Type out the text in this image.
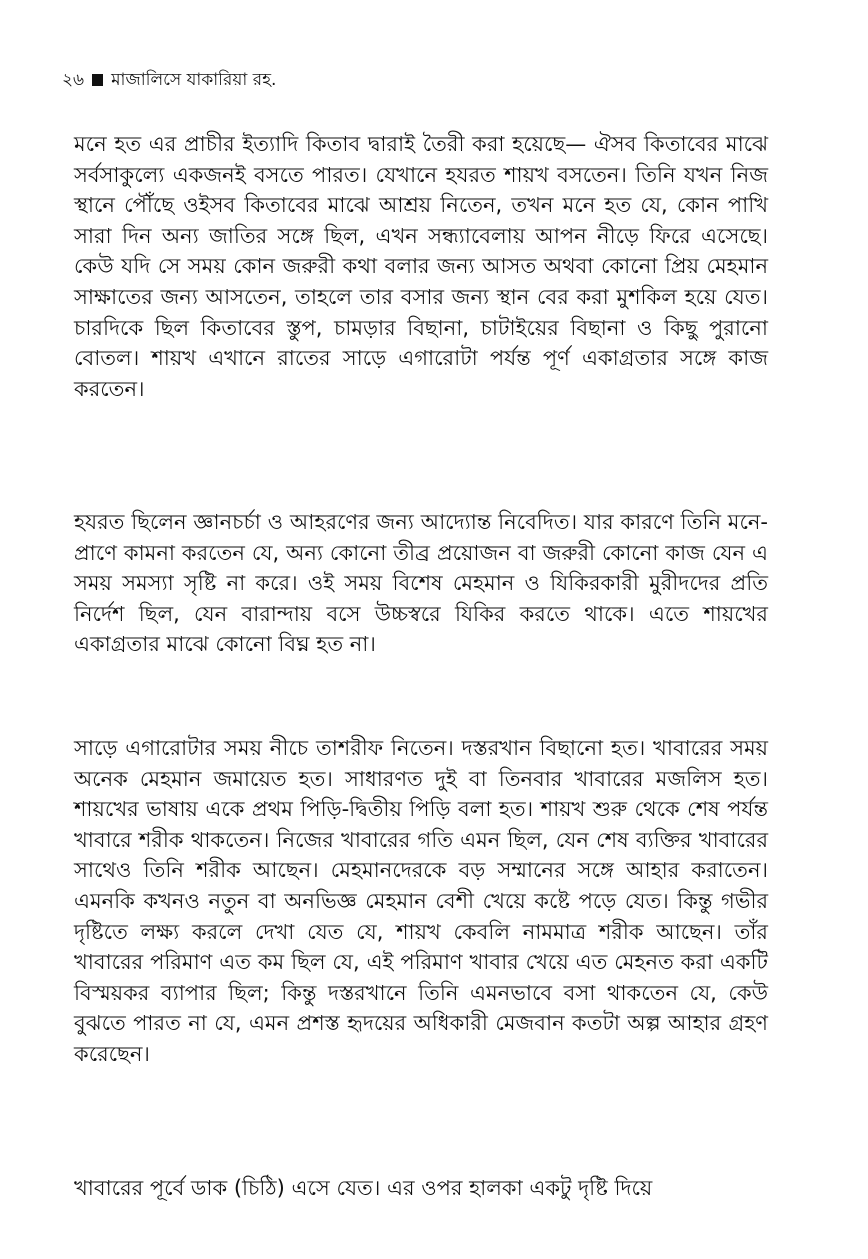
২৬ মাজালিসে যাকারিয়া রহ.

মনে হত এর প্রাচীর ইত্যাদি কিতাব দ্বারাই তৈরী করা হয়েছে— ঐসব কিতাবের মাঝে সর্বসাকুল্যে একজনই বসতে পারত। যেখানে হযরত শায়খ বসতেন। তিনি যখন নিজ স্থানে পৌঁছে ওইসব কিতাবের মাঝে আশ্রয় নিতেন, তখন মনে হত যে, কোন পাখি সারা দিন অন্য জাতির সঙ্গে ছিল, এখন সন্ধ্যাবেলায় আপন নীড়ে ফিরে এসেছে। কেউ যদি সে সময় কোন জরুরী কথা বলার জন্য আসত অথবা কোনো প্রিয় মেহমান সাক্ষাতের জন্য আসতেন, তাহলে তার বসার জন্য স্থান বের করা মুশকিল হয়ে যেত। চারদিকে ছিল কিতাবের স্তুপ, চামড়ার বিছানা, চাটাইয়ের বিছানা ও কিছু পুরানো বোতল। শায়খ এখানে রাতের সাড়ে এগারোটা পর্যন্ত পূর্ণ একাগ্রতার সঙ্গে কাজ করতেন।

হযরত ছিলেন জ্ঞানচর্চা ও আহরণের জন্য আদ্যোন্ত নিবেদিত। যার কারণে তিনি মনে-প্রাণে কামনা করতেন যে, অন্য কোনো তীব্র প্রয়োজন বা জরুরী কোনো কাজ যেন এ সময় সমস্যা সৃষ্টি না করে। ওই সময় বিশেষ মেহমান ও যিকিরকারী মুরীদদের প্রতি নির্দেশ ছিল, যেন বারান্দায় বসে উচ্চস্বরে যিকির করতে থাকে। এতে শায়খের একাগ্রতার মাঝে কোনো বিঘ্ন হত না।

সাড়ে এগারোটার সময় নীচে তাশরীফ নিতেন। দস্তরখান বিছানো হত। খাবারের সময় অনেক মেহমান জমায়েত হত। সাধারণত দুই বা তিনবার খাবারের মজলিস হত। শায়খের ভাষায় একে প্রথম পিড়ি-দ্বিতীয় পিড়ি বলা হত। শায়খ শুরু থেকে শেষ পর্যন্ত খাবারে শরীক থাকতেন। নিজের খাবারের গতি এমন ছিল, যেন শেষ ব্যক্তির খাবারের সাথেও তিনি শরীক আছেন। মেহমানদেরকে বড় সম্মানের সঙ্গে আহার করাতেন। এমনকি কখনও নতুন বা অনভিজ্ঞ মেহমান বেশী খেয়ে কষ্টে পড়ে যেত। কিন্তু গভীর দৃষ্টিতে লক্ষ্য করলে দেখা যেত যে, শায়খ কেবলি নামমাত্র শরীক আছেন। তাঁর খাবারের পরিমাণ এত কম ছিল যে, এই পরিমাণ খাবার খেয়ে এত মেহনত করা একটি বিস্ময়কর ব্যাপার ছিল; কিন্তু দস্তরখানে তিনি এমনভাবে বসা থাকতেন যে, কেউ বুঝতে পারত না যে, এমন প্রশস্ত হৃদয়ের অধিকারী মেজবান কতটা অল্প আহার গ্রহণ করেছেন।

খাবারের পূর্বে ডাক (চিঠি) এসে যেত। এর ওপর হালকা একটু দৃষ্টি দিয়ে
